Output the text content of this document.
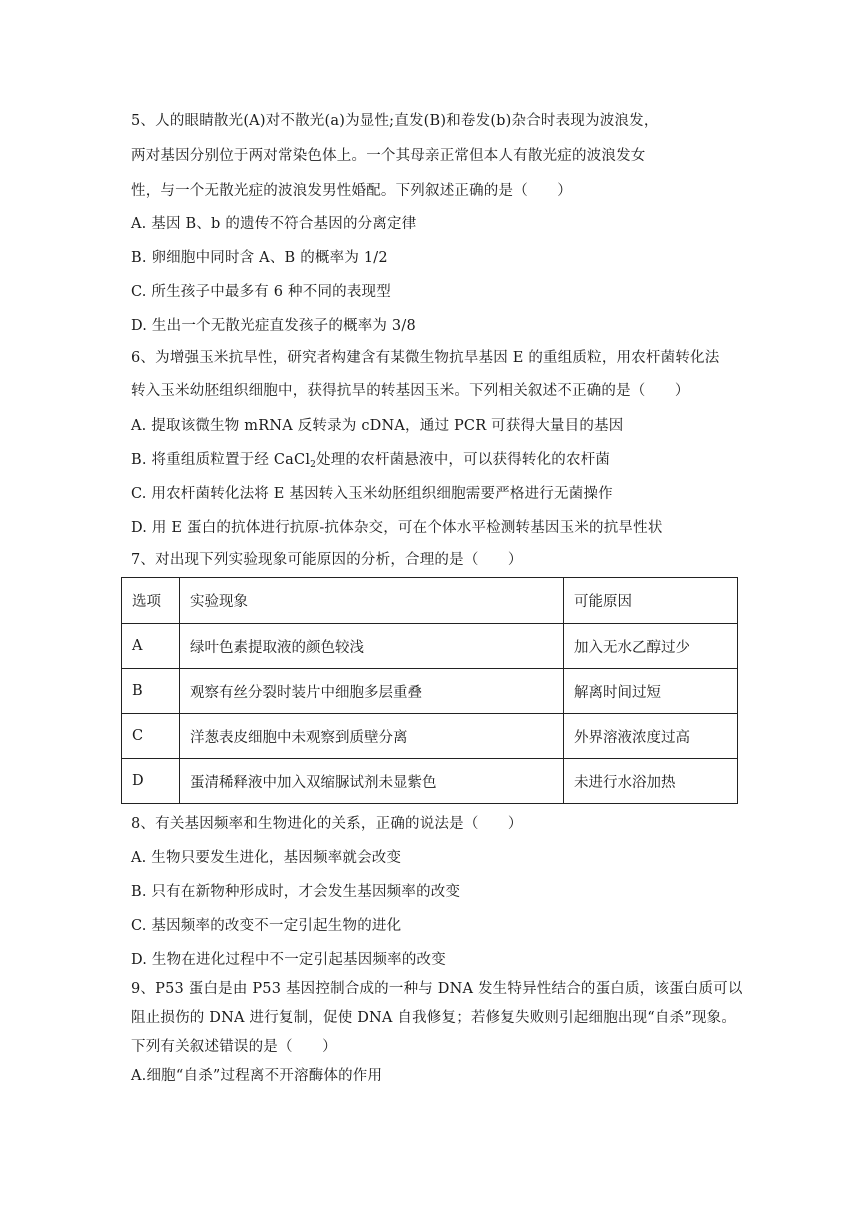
5、人的眼睛散光(A)对不散光(a)为显性;直发(B)和卷发(b)杂合时表现为波浪发，
两对基因分别位于两对常染色体上。一个其母亲正常但本人有散光症的波浪发女
性，与一个无散光症的波浪发男性婚配。下列叙述正确的是（　　）
A. 基因 B、b 的遗传不符合基因的分离定律
B. 卵细胞中同时含 A、B 的概率为 1/2
C. 所生孩子中最多有 6 种不同的表现型
D. 生出一个无散光症直发孩子的概率为 3/8
6、为增强玉米抗旱性，研究者构建含有某微生物抗旱基因 E 的重组质粒，用农杆菌转化法
转入玉米幼胚组织细胞中，获得抗旱的转基因玉米。下列相关叙述不正确的是（　　）
A. 提取该微生物 mRNA 反转录为 cDNA，通过 PCR 可获得大量目的基因
B. 将重组质粒置于经 CaCl$_2$处理的农杆菌悬液中，可以获得转化的农杆菌
C. 用农杆菌转化法将 E 基因转入玉米幼胚组织细胞需要严格进行无菌操作
D. 用 E 蛋白的抗体进行抗原-抗体杂交，可在个体水平检测转基因玉米的抗旱性状
7、对出现下列实验现象可能原因的分析，合理的是（　　）
选项	实验现象	可能原因
A	绿叶色素提取液的颜色较浅	加入无水乙醇过少
B	观察有丝分裂时装片中细胞多层重叠	解离时间过短
C	洋葱表皮细胞中未观察到质壁分离	外界溶液浓度过高
D	蛋清稀释液中加入双缩脲试剂未显紫色	未进行水浴加热
8、有关基因频率和生物进化的关系，正确的说法是（　　）
A. 生物只要发生进化，基因频率就会改变
B. 只有在新物种形成时，才会发生基因频率的改变
C. 基因频率的改变不一定引起生物的进化
D. 生物在进化过程中不一定引起基因频率的改变
9、P53 蛋白是由 P53 基因控制合成的一种与 DNA 发生特异性结合的蛋白质，该蛋白质可以
阻止损伤的 DNA 进行复制，促使 DNA 自我修复；若修复失败则引起细胞出现“自杀”现象。
下列有关叙述错误的是（　　）
A.细胞“自杀”过程离不开溶酶体的作用
